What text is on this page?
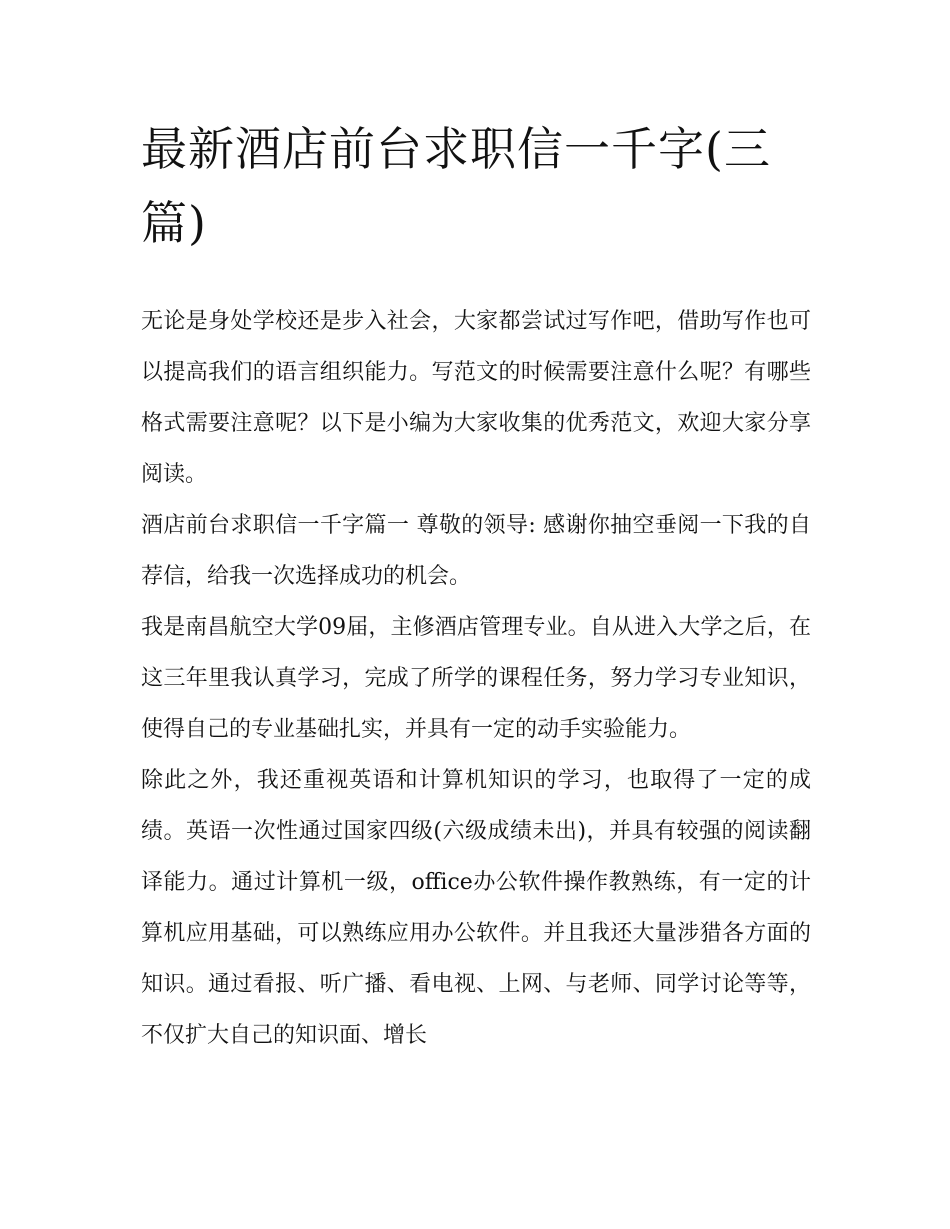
最新酒店前台求职信一千字(三篇)

无论是身处学校还是步入社会，大家都尝试过写作吧，借助写作也可以提高我们的语言组织能力。写范文的时候需要注意什么呢？有哪些格式需要注意呢？以下是小编为大家收集的优秀范文，欢迎大家分享阅读。

酒店前台求职信一千字篇一 尊敬的领导: 感谢你抽空垂阅一下我的自荐信，给我一次选择成功的机会。

我是南昌航空大学09届，主修酒店管理专业。自从进入大学之后，在这三年里我认真学习，完成了所学的课程任务，努力学习专业知识，使得自己的专业基础扎实，并具有一定的动手实验能力。

除此之外，我还重视英语和计算机知识的学习，也取得了一定的成绩。英语一次性通过国家四级(六级成绩未出)，并具有较强的阅读翻译能力。通过计算机一级，office办公软件操作教熟练，有一定的计算机应用基础，可以熟练应用办公软件。并且我还大量涉猎各方面的知识。通过看报、听广播、看电视、上网、与老师、同学讨论等等，不仅扩大自己的知识面、增长
